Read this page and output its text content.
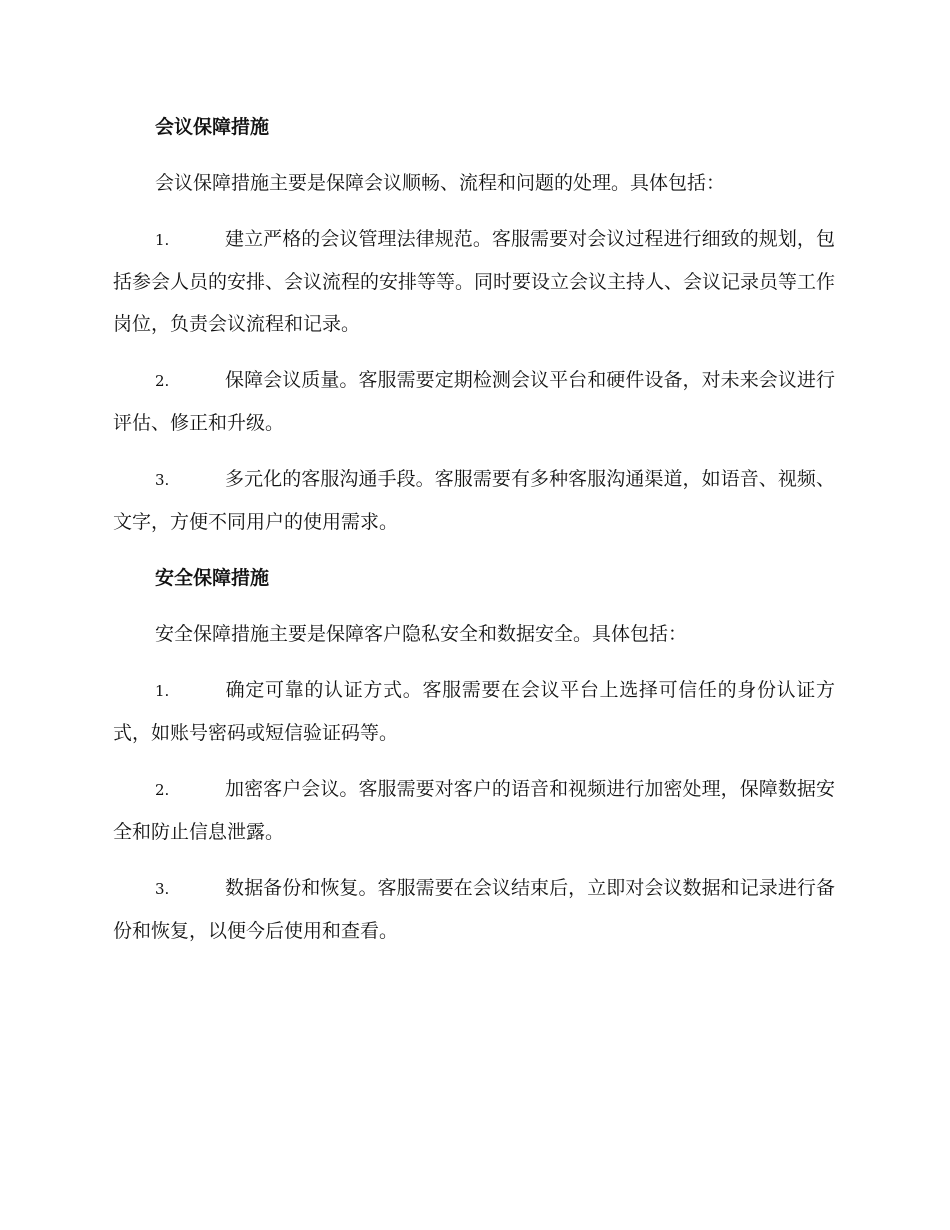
会议保障措施

会议保障措施主要是保障会议顺畅、流程和问题的处理。具体包括：

1.	建立严格的会议管理法律规范。客服需要对会议过程进行细致的规划，包括参会人员的安排、会议流程的安排等等。同时要设立会议主持人、会议记录员等工作岗位，负责会议流程和记录。

2.	保障会议质量。客服需要定期检测会议平台和硬件设备，对未来会议进行评估、修正和升级。

3.	多元化的客服沟通手段。客服需要有多种客服沟通渠道，如语音、视频、文字，方便不同用户的使用需求。

安全保障措施

安全保障措施主要是保障客户隐私安全和数据安全。具体包括：

1.	确定可靠的认证方式。客服需要在会议平台上选择可信任的身份认证方式，如账号密码或短信验证码等。

2.	加密客户会议。客服需要对客户的语音和视频进行加密处理，保障数据安全和防止信息泄露。

3.	数据备份和恢复。客服需要在会议结束后，立即对会议数据和记录进行备份和恢复，以便今后使用和查看。
